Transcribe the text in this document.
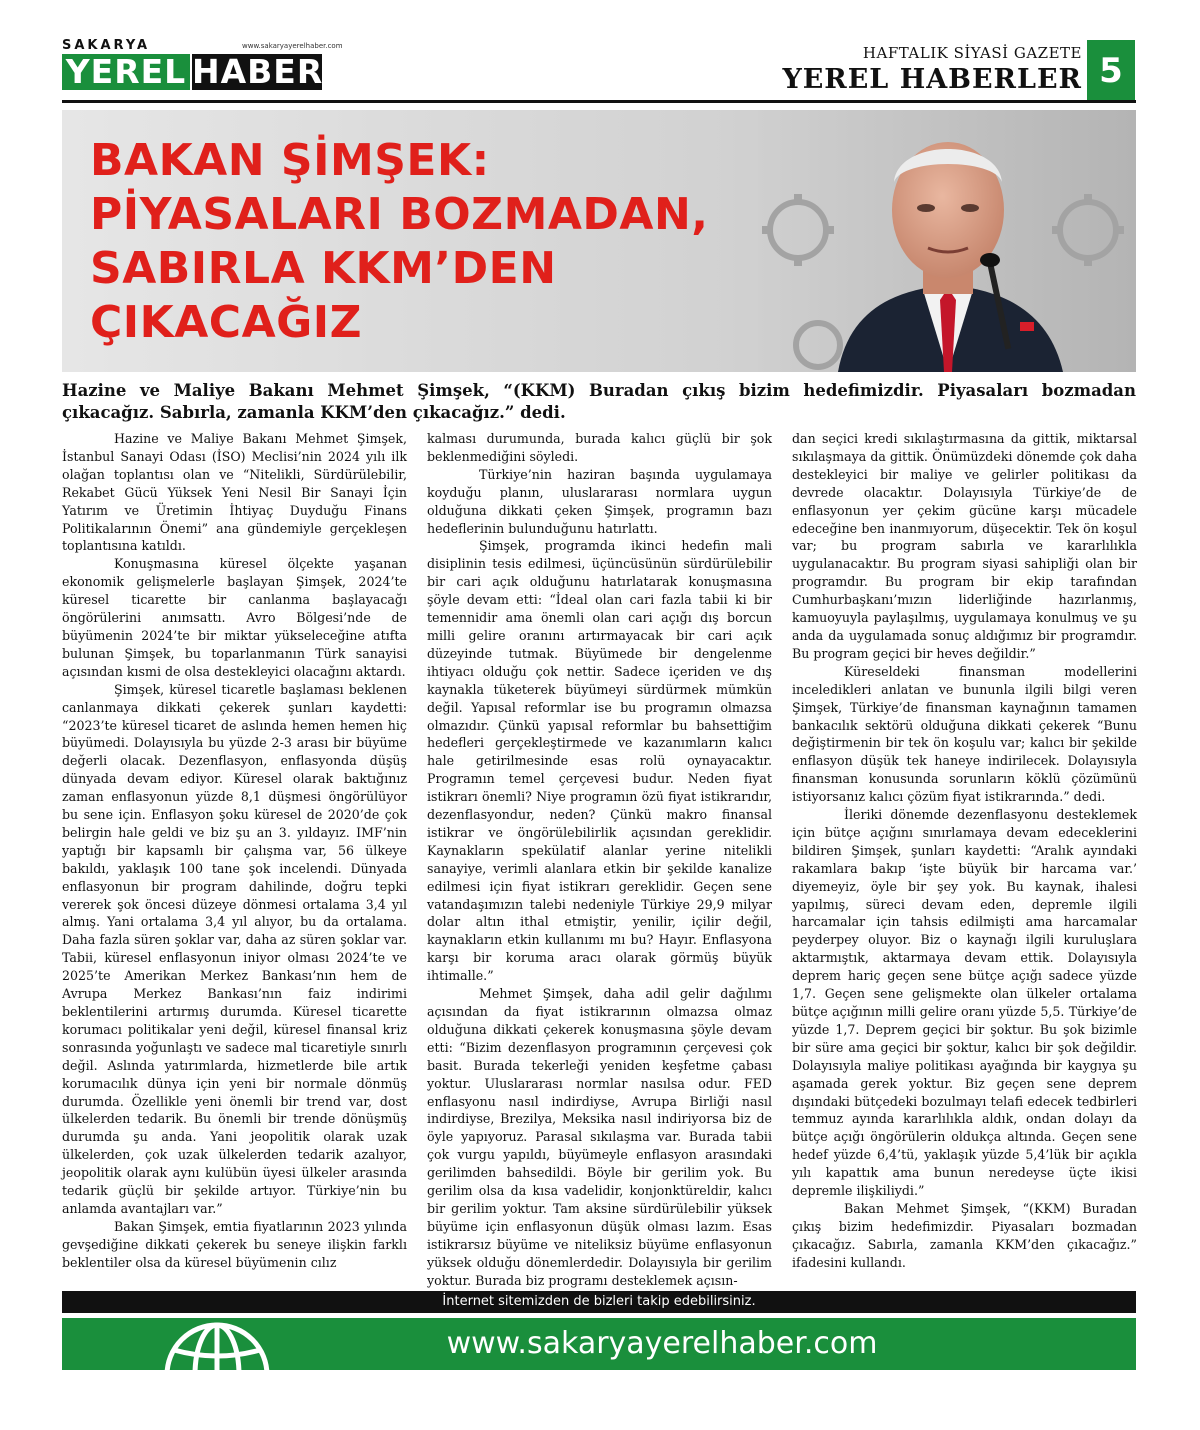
SAKARYA	www.sakaryayerelhaber.com
YEREL HABER	HAFTALIK SİYASİ GAZETE
YEREL HABERLER 5
BAKAN ŞİMŞEK:
PİYASALARI BOZMADAN,
SABIRLA KKM’DEN
ÇIKACAĞIZ
Hazine ve Maliye Bakanı Mehmet Şimşek, “(KKM) Buradan çıkış bizim hedefimizdir. Piyasaları bozmadan çıkacağız. Sabırla, zamanla KKM’den çıkacağız.” dedi.

Hazine ve Maliye Bakanı Mehmet Şimşek, İstanbul Sanayi Odası (İSO) Meclisi’nin 2024 yılı ilk olağan toplantısı olan ve “Nitelikli, Sürdürülebilir, Rekabet Gücü Yüksek Yeni Nesil Bir Sanayi İçin Yatırım ve Üretimin İhtiyaç Duyduğu Finans Politikalarının Önemi” ana gündemiyle gerçekleşen toplantısına katıldı.

Konuşmasına küresel ölçekte yaşanan ekonomik gelişmelerle başlayan Şimşek, 2024’te küresel ticarette bir canlanma başlayacağı öngörülerini anımsattı. Avro Bölgesi’nde de büyümenin 2024’te bir miktar yükseleceğine atıfta bulunan Şimşek, bu toparlanmanın Türk sanayisi açısından kısmi de olsa destekleyici olacağını aktardı.

Şimşek, küresel ticaretle başlaması beklenen canlanmaya dikkati çekerek şunları kaydetti: “2023’te küresel ticaret de aslında hemen hemen hiç büyümedi. Dolayısıyla bu yüzde 2-3 arası bir büyüme değerli olacak. Dezenflasyon, enflasyonda düşüş dünyada devam ediyor. Küresel olarak baktığınız zaman enflasyonun yüzde 8,1 düşmesi öngörülüyor bu sene için. Enflasyon şoku küresel de 2020’de çok belirgin hale geldi ve biz şu an 3. yıldayız. IMF’nin yaptığı bir kapsamlı bir çalışma var, 56 ülkeye bakıldı, yaklaşık 100 tane şok incelendi. Dünyada enflasyonun bir program dahilinde, doğru tepki vererek şok öncesi düzeye dönmesi ortalama 3,4 yıl almış. Yani ortalama 3,4 yıl alıyor, bu da ortalama. Daha fazla süren şoklar var, daha az süren şoklar var. Tabii, küresel enflasyonun iniyor olması 2024’te ve 2025’te Amerikan Merkez Bankası’nın hem de Avrupa Merkez Bankası’nın faiz indirimi beklentilerini artırmış durumda. Küresel ticarette korumacı politikalar yeni değil, küresel finansal kriz sonrasında yoğunlaştı ve sadece mal ticaretiyle sınırlı değil. Aslında yatırımlarda, hizmetlerde bile artık korumacılık dünya için yeni bir normale dönmüş durumda. Özellikle yeni önemli bir trend var, dost ülkelerden tedarik. Bu önemli bir trende dönüşmüş durumda şu anda. Yani jeopolitik olarak uzak ülkelerden, çok uzak ülkelerden tedarik azalıyor, jeopolitik olarak aynı kulübün üyesi ülkeler arasında tedarik güçlü bir şekilde artıyor. Türkiye’nin bu anlamda avantajları var.”

Bakan Şimşek, emtia fiyatlarının 2023 yılında gevşediğine dikkati çekerek bu seneye ilişkin farklı beklentiler olsa da küresel büyümenin cılız

kalması durumunda, burada kalıcı güçlü bir şok beklenmediğini söyledi.

Türkiye’nin haziran başında uygulamaya koyduğu planın, uluslararası normlara uygun olduğuna dikkati çeken Şimşek, programın bazı hedeflerinin bulunduğunu hatırlattı.

Şimşek, programda ikinci hedefin mali disiplinin tesis edilmesi, üçüncüsünün sürdürülebilir bir cari açık olduğunu hatırlatarak konuşmasına şöyle devam etti: “İdeal olan cari fazla tabii ki bir temennidir ama önemli olan cari açığı dış borcun milli gelire oranını artırmayacak bir cari açık düzeyinde tutmak. Büyümede bir dengelenme ihtiyacı olduğu çok nettir. Sadece içeriden ve dış kaynakla tüketerek büyümeyi sürdürmek mümkün değil. Yapısal reformlar ise bu programın olmazsa olmazıdır. Çünkü yapısal reformlar bu bahsettiğim hedefleri gerçekleştirmede ve kazanımların kalıcı hale getirilmesinde esas rolü oynayacaktır. Programın temel çerçevesi budur. Neden fiyat istikrarı önemli? Niye programın özü fiyat istikrarıdır, dezenflasyondur, neden? Çünkü makro finansal istikrar ve öngörülebilirlik açısından gereklidir. Kaynakların spekülatif alanlar yerine nitelikli sanayiye, verimli alanlara etkin bir şekilde kanalize edilmesi için fiyat istikrarı gereklidir. Geçen sene vatandaşımızın talebi nedeniyle Türkiye 29,9 milyar dolar altın ithal etmiştir, yenilir, içilir değil, kaynakların etkin kullanımı mı bu? Hayır. Enflasyona karşı bir koruma aracı olarak görmüş büyük ihtimalle.”

Mehmet Şimşek, daha adil gelir dağılımı açısından da fiyat istikrarının olmazsa olmaz olduğuna dikkati çekerek konuşmasına şöyle devam etti: “Bizim dezenflasyon programının çerçevesi çok basit. Burada tekerleği yeniden keşfetme çabası yoktur. Uluslararası normlar nasılsa odur. FED enflasyonu nasıl indirdiyse, Avrupa Birliği nasıl indirdiyse, Brezilya, Meksika nasıl indiriyorsa biz de öyle yapıyoruz. Parasal sıkılaşma var. Burada tabii çok vurgu yapıldı, büyümeyle enflasyon arasındaki gerilimden bahsedildi. Böyle bir gerilim yok. Bu gerilim olsa da kısa vadelidir, konjonktüreldir, kalıcı bir gerilim yoktur. Tam aksine sürdürülebilir yüksek büyüme için enflasyonun düşük olması lazım. Esas istikrarsız büyüme ve niteliksiz büyüme enflasyonun yüksek olduğu dönemlerdedir. Dolayısıyla bir gerilim yoktur. Burada biz programı desteklemek açısın-

dan seçici kredi sıkılaştırmasına da gittik, miktarsal sıkılaşmaya da gittik. Önümüzdeki dönemde çok daha destekleyici bir maliye ve gelirler politikası da devrede olacaktır. Dolayısıyla Türkiye’de de enflasyonun yer çekim gücüne karşı mücadele edeceğine ben inanmıyorum, düşecektir. Tek ön koşul var; bu program sabırla ve kararlılıkla uygulanacaktır. Bu program siyasi sahipliği olan bir programdır. Bu program bir ekip tarafından Cumhurbaşkanı’mızın liderliğinde hazırlanmış, kamuoyuyla paylaşılmış, uygulamaya konulmuş ve şu anda da uygulamada sonuç aldığımız bir programdır. Bu program geçici bir heves değildir.”

Küreseldeki finansman modellerini inceledikleri anlatan ve bununla ilgili bilgi veren Şimşek, Türkiye’de finansman kaynağının tamamen bankacılık sektörü olduğuna dikkati çekerek “Bunu değiştirmenin bir tek ön koşulu var; kalıcı bir şekilde enflasyon düşük tek haneye indirilecek. Dolayısıyla finansman konusunda sorunların köklü çözümünü istiyorsanız kalıcı çözüm fiyat istikrarında.” dedi.

İleriki dönemde dezenflasyonu desteklemek için bütçe açığını sınırlamaya devam edeceklerini bildiren Şimşek, şunları kaydetti: “Aralık ayındaki rakamlara bakıp ‘işte büyük bir harcama var.’ diyemeyiz, öyle bir şey yok. Bu kaynak, ihalesi yapılmış, süreci devam eden, depremle ilgili harcamalar için tahsis edilmişti ama harcamalar peyderpey oluyor. Biz o kaynağı ilgili kuruluşlara aktarmıştık, aktarmaya devam ettik. Dolayısıyla deprem hariç geçen sene bütçe açığı sadece yüzde 1,7. Geçen sene gelişmekte olan ülkeler ortalama bütçe açığının milli gelire oranı yüzde 5,5. Türkiye’de yüzde 1,7. Deprem geçici bir şoktur. Bu şok bizimle bir süre ama geçici bir şoktur, kalıcı bir şok değildir. Dolayısıyla maliye politikası ayağında bir kaygıya şu aşamada gerek yoktur. Biz geçen sene deprem dışındaki bütçedeki bozulmayı telafi edecek tedbirleri temmuz ayında kararlılıkla aldık, ondan dolayı da bütçe açığı öngörülerin oldukça altında. Geçen sene hedef yüzde 6,4’tü, yaklaşık yüzde 5,4’lük bir açıkla yılı kapattık ama bunun neredeyse üçte ikisi depremle ilişkiliydi.”

Bakan Mehmet Şimşek, “(KKM) Buradan çıkış bizim hedefimizdir. Piyasaları bozmadan çıkacağız. Sabırla, zamanla KKM’den çıkacağız.” ifadesini kullandı.

İnternet sitemizden de bizleri takip edebilirsiniz.
www.sakaryayerelhaber.com
